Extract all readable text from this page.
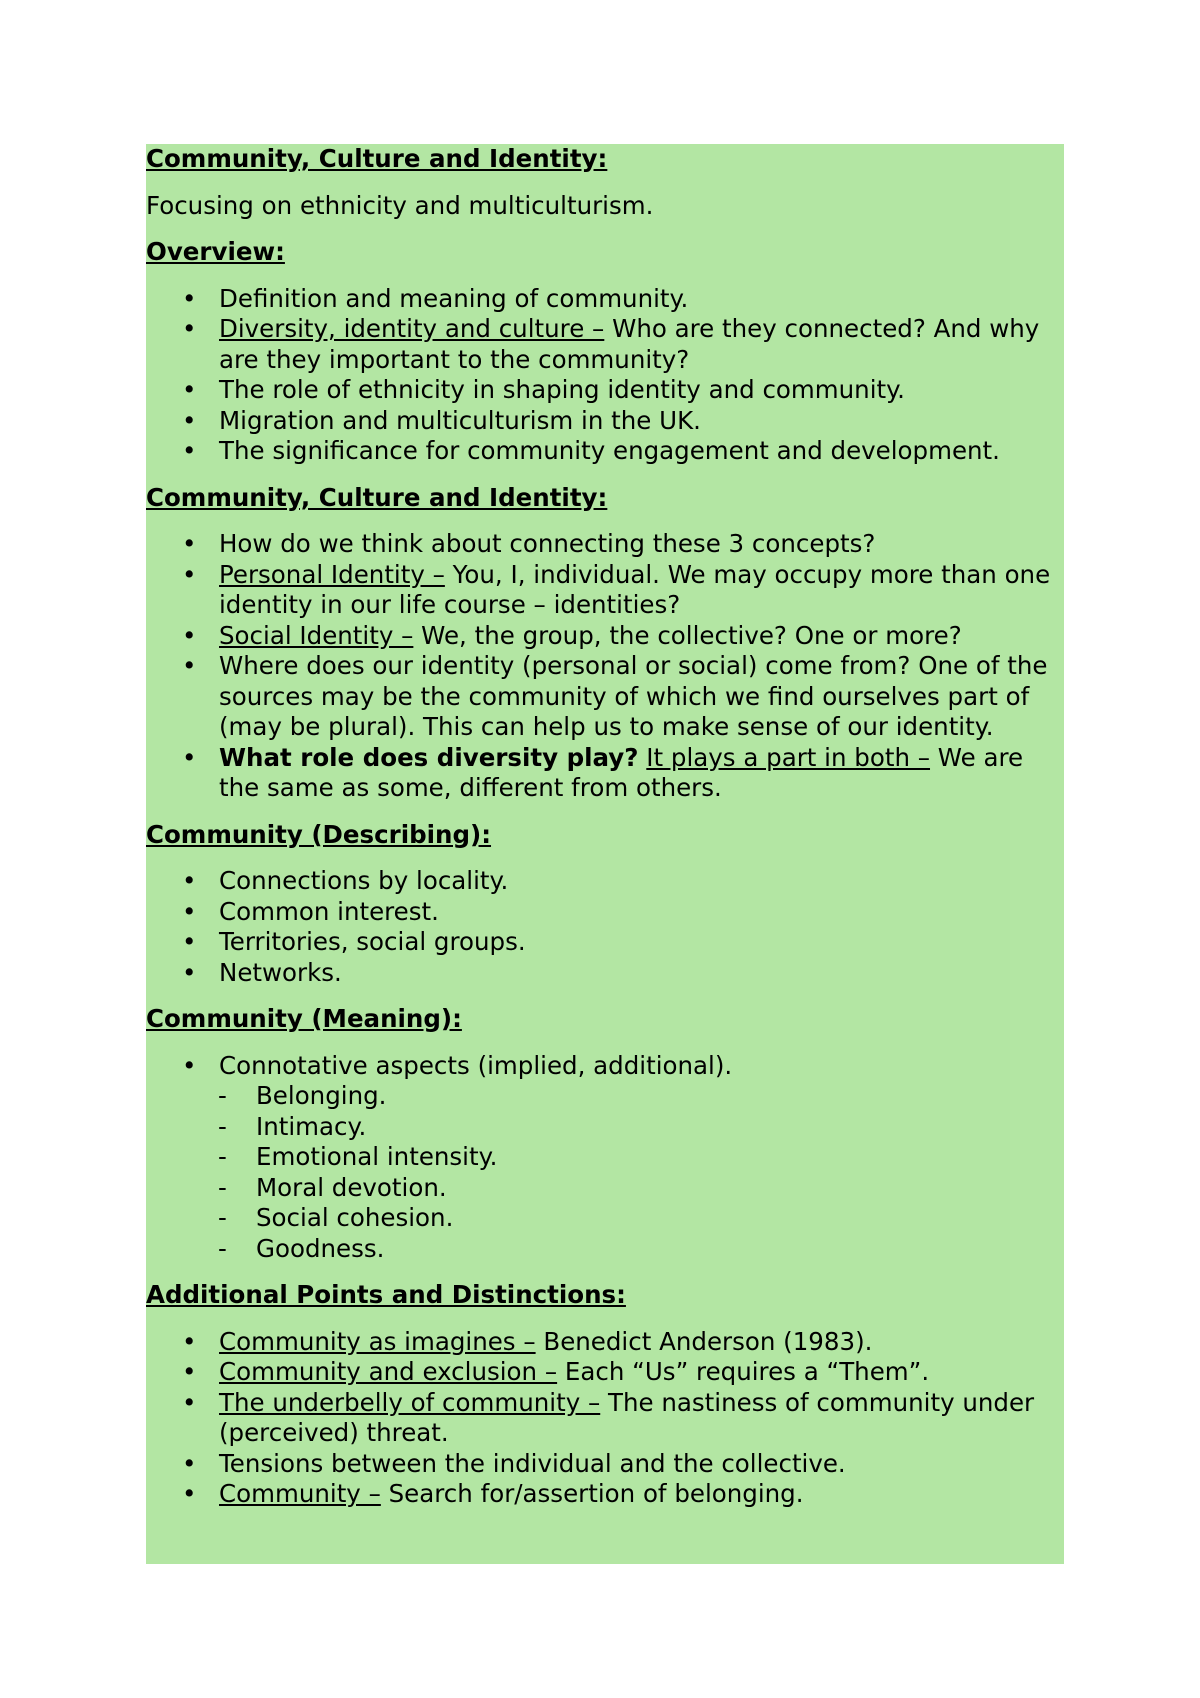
Community, Culture and Identity:

Focusing on ethnicity and multiculturism.

Overview:

• Definition and meaning of community.
• Diversity, identity and culture – Who are they connected? And why are they important to the community?
• The role of ethnicity in shaping identity and community.
• Migration and multiculturism in the UK.
• The significance for community engagement and development.

Community, Culture and Identity:

• How do we think about connecting these 3 concepts?
• Personal Identity – You, I, individual. We may occupy more than one identity in our life course – identities?
• Social Identity – We, the group, the collective? One or more?
• Where does our identity (personal or social) come from? One of the sources may be the community of which we find ourselves part of (may be plural). This can help us to make sense of our identity.
• What role does diversity play? It plays a part in both – We are the same as some, different from others.

Community (Describing):

• Connections by locality.
• Common interest.
• Territories, social groups.
• Networks.

Community (Meaning):

• Connotative aspects (implied, additional).
- Belonging.
- Intimacy.
- Emotional intensity.
- Moral devotion.
- Social cohesion.
- Goodness.

Additional Points and Distinctions:

• Community as imagines – Benedict Anderson (1983).
• Community and exclusion – Each “Us” requires a “Them”.
• The underbelly of community – The nastiness of community under (perceived) threat.
• Tensions between the individual and the collective.
• Community – Search for/assertion of belonging.
